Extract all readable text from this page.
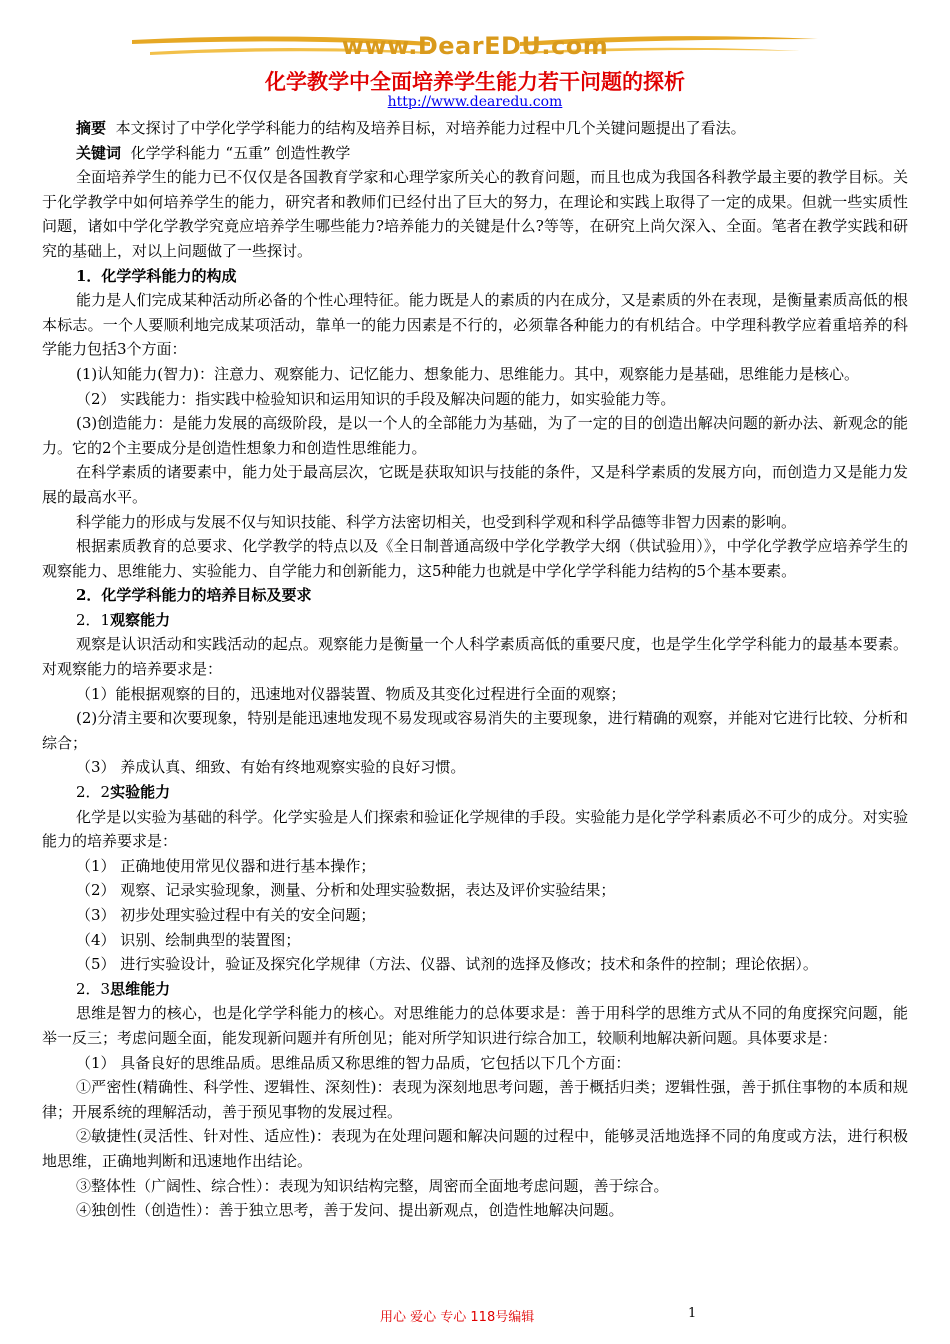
www.DearEDU.com
化学教学中全面培养学生能力若干问题的探析
http://www.dearedu.com

摘要 本文探讨了中学化学学科能力的结构及培养目标，对培养能力过程中几个关键问题提出了看法。

关键词 化学学科能力 “五重” 创造性教学

全面培养学生的能力已不仅仅是各国教育学家和心理学家所关心的教育问题，而且也成为我国各科教学最主要的教学目标。关于化学教学中如何培养学生的能力，研究者和教师们已经付出了巨大的努力，在理论和实践上取得了一定的成果。但就一些实质性问题，诸如中学化学教学究竟应培养学生哪些能力?培养能力的关键是什么?等等，在研究上尚欠深入、全面。笔者在教学实践和研究的基础上，对以上问题做了一些探讨。

1．化学学科能力的构成

能力是人们完成某种活动所必备的个性心理特征。能力既是人的素质的内在成分，又是素质的外在表现，是衡量素质高低的根本标志。一个人要顺利地完成某项活动，靠单一的能力因素是不行的，必须靠各种能力的有机结合。中学理科教学应着重培养的科学能力包括3个方面：

(1)认知能力(智力)：注意力、观察能力、记忆能力、想象能力、思维能力。其中，观察能力是基础，思维能力是核心。

（2） 实践能力：指实践中检验知识和运用知识的手段及解决问题的能力，如实验能力等。

(3)创造能力：是能力发展的高级阶段，是以一个人的全部能力为基础，为了一定的目的创造出解决问题的新办法、新观念的能力。它的2个主要成分是创造性想象力和创造性思维能力。

在科学素质的诸要素中，能力处于最高层次，它既是获取知识与技能的条件，又是科学素质的发展方向，而创造力又是能力发展的最高水平。

科学能力的形成与发展不仅与知识技能、科学方法密切相关，也受到科学观和科学品德等非智力因素的影响。

根据素质教育的总要求、化学教学的特点以及《全日制普通高级中学化学教学大纲（供试验用）》，中学化学教学应培养学生的观察能力、思维能力、实验能力、自学能力和创新能力，这5种能力也就是中学化学学科能力结构的5个基本要素。

2．化学学科能力的培养目标及要求

2．1观察能力

观察是认识活动和实践活动的起点。观察能力是衡量一个人科学素质高低的重要尺度，也是学生化学学科能力的最基本要素。对观察能力的培养要求是：

（1）能根据观察的目的，迅速地对仪器装置、物质及其变化过程进行全面的观察；

(2)分清主要和次要现象，特别是能迅速地发现不易发现或容易消失的主要现象，进行精确的观察，并能对它进行比较、分析和综合；

（3） 养成认真、细致、有始有终地观察实验的良好习惯。

2．2实验能力

化学是以实验为基础的科学。化学实验是人们探索和验证化学规律的手段。实验能力是化学学科素质必不可少的成分。对实验能力的培养要求是：

（1） 正确地使用常见仪器和进行基本操作；

（2） 观察、记录实验现象，测量、分析和处理实验数据，表达及评价实验结果；

（3） 初步处理实验过程中有关的安全问题；

（4） 识别、绘制典型的装置图；

（5） 进行实验设计，验证及探究化学规律（方法、仪器、试剂的选择及修改；技术和条件的控制；理论依据）。

2．3思维能力

思维是智力的核心，也是化学学科能力的核心。对思维能力的总体要求是：善于用科学的思维方式从不同的角度探究问题，能举一反三；考虑问题全面，能发现新问题并有所创见；能对所学知识进行综合加工，较顺利地解决新问题。具体要求是：

（1） 具备良好的思维品质。思维品质又称思维的智力品质，它包括以下几个方面：

①严密性(精确性、科学性、逻辑性、深刻性)：表现为深刻地思考问题，善于概括归类；逻辑性强，善于抓住事物的本质和规律；开展系统的理解活动，善于预见事物的发展过程。

②敏捷性(灵活性、针对性、适应性)：表现为在处理问题和解决问题的过程中，能够灵活地选择不同的角度或方法，进行积极地思维，正确地判断和迅速地作出结论。

③整体性（广阔性、综合性）：表现为知识结构完整，周密而全面地考虑问题，善于综合。

④独创性（创造性）：善于独立思考，善于发问、提出新观点，创造性地解决问题。

用心 爱心 专心 118号编辑	1
